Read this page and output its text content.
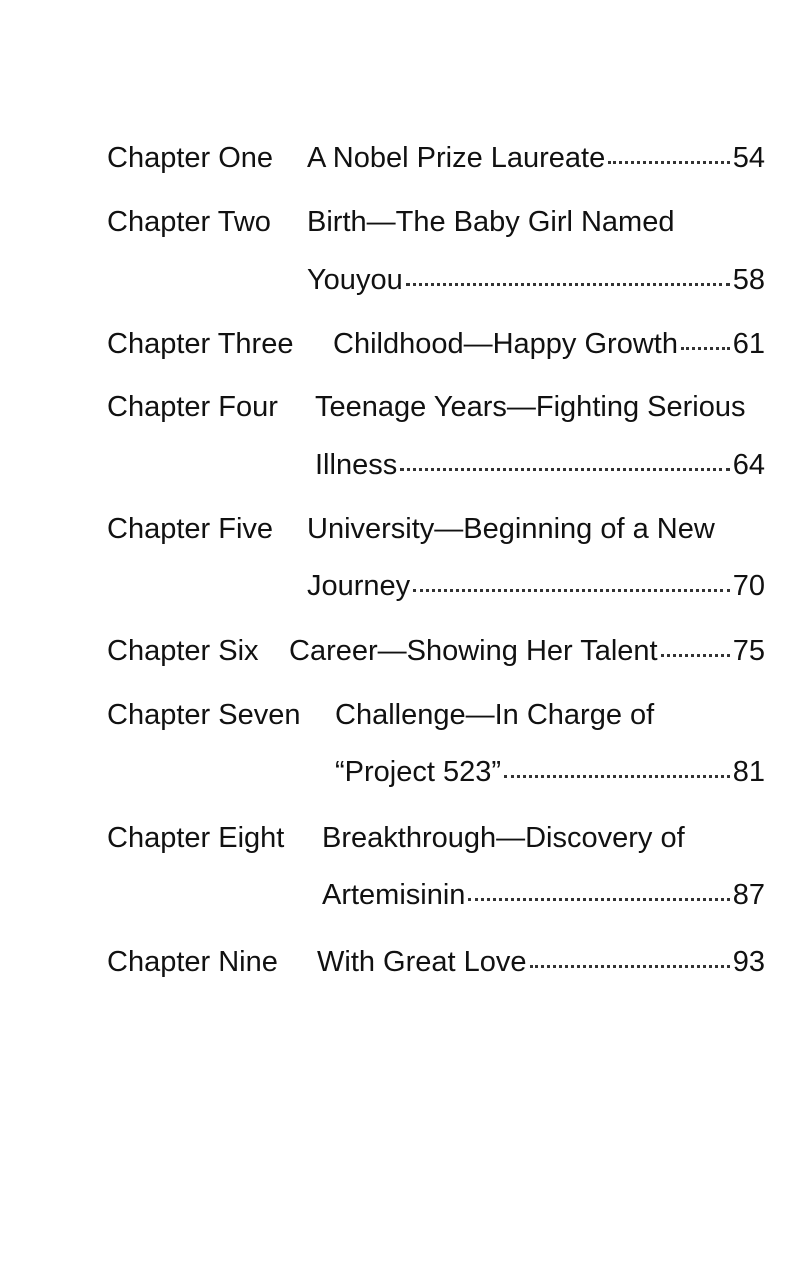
Chapter One	A Nobel Prize Laureate	54
Chapter Two	Birth—The Baby Girl Named
Youyou	58
Chapter Three	Childhood—Happy Growth 61
Chapter Four	Teenage Years—Fighting Serious
Illness	64
Chapter Five	University—Beginning of a New
Journey	70
Chapter Six	Career—Showing Her Talent	75
Chapter Seven	Challenge—In Charge of
“Project 523”	81
Chapter Eight	Breakthrough—Discovery of
Artemisinin	87
Chapter Nine	With Great Love	93
